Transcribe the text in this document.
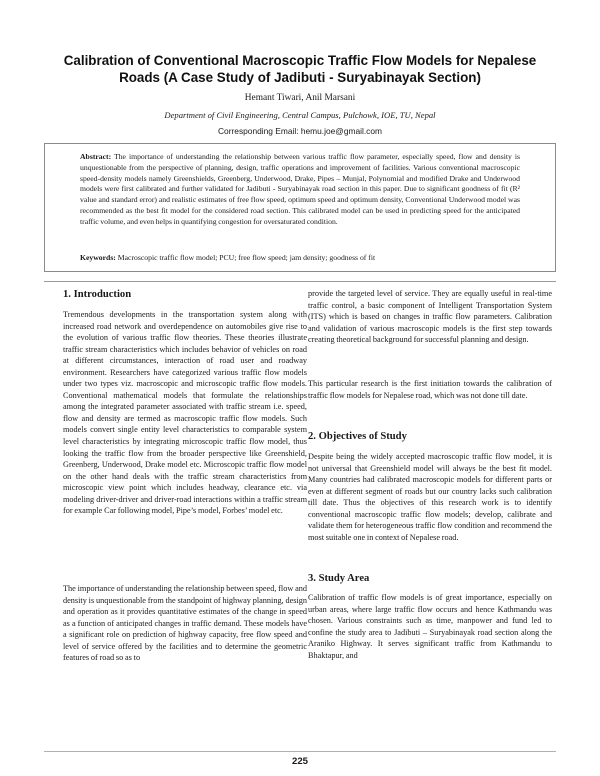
Calibration of Conventional Macroscopic Traffic Flow Models for Nepalese Roads (A Case Study of Jadibuti - Suryabinayak Section)
Hemant Tiwari, Anil Marsani
Department of Civil Engineering, Central Campus, Pulchowk, IOE, TU, Nepal
Corresponding Email: hemu.joe@gmail.com
Abstract: The importance of understanding the relationship between various traffic flow parameter, especially speed, flow and density is unquestionable from the perspective of planning, design, traffic operations and improvement of facilities. Various conventional macroscopic speed-density models namely Greenshields, Greenberg, Underwood, Drake, Pipes – Munjal, Polynomial and modified Drake and Underwood models were first calibrated and further validated for Jadibuti - Suryabinayak road section in this paper. Due to significant goodness of fit (R² value and standard error) and realistic estimates of free flow speed, optimum speed and optimum density, Conventional Underwood model was recommended as the best fit model for the considered road section. This calibrated model can be used in predicting speed for the anticipated traffic volume, and even helps in quantifying congestion for oversaturated condition.
Keywords: Macroscopic traffic flow model; PCU; free flow speed; jam density; goodness of fit
1. Introduction

Tremendous developments in the transportation system along with increased road network and overdependence on automobiles give rise to the evolution of various traffic flow theories. These theories illustrate traffic stream characteristics which includes behavior of vehicles on road at different circumstances, interaction of road user and roadway environment. Researchers have categorized various traffic flow models under two types viz. macroscopic and microscopic traffic flow models. Conventional mathematical models that formulate the relationships among the integrated parameter associated with traffic stream i.e. speed, flow and density are termed as macroscopic traffic flow models. Such models convert single entity level characteristics to comparable system level characteristics by integrating microscopic traffic flow model, thus looking the traffic flow from the broader perspective like Greenshield, Greenberg, Underwood, Drake model etc. Microscopic traffic flow model on the other hand deals with the traffic stream characteristics from microscopic view point which includes headway, clearance etc. via modeling driver-driver and driver-road interactions within a traffic stream for example Car following model, Pipe’s model, Forbes’ model etc.

The importance of understanding the relationship between speed, flow and density is unquestionable from the standpoint of highway planning, design and operation as it provides quantitative estimates of the change in speed as a function of anticipated changes in traffic demand. These models have a significant role on prediction of highway capacity, free flow speed and level of service offered by the facilities and to determine the geometric features of road so as to

provide the targeted level of service. They are equally useful in real-time traffic control, a basic component of Intelligent Transportation System (ITS) which is based on changes in traffic flow parameters. Calibration and validation of various macroscopic models is the first step towards creating theoretical background for successful planning and design.

This particular research is the first initiation towards the calibration of traffic flow models for Nepalese road, which was not done till date.

2. Objectives of Study

Despite being the widely accepted macroscopic traffic flow model, it is not universal that Greenshield model will always be the best fit model. Many countries had calibrated macroscopic models for different parts or even at different segment of roads but our country lacks such calibration till date. Thus the objectives of this research work is to identify conventional macroscopic traffic flow models; develop, calibrate and validate them for heterogeneous traffic flow condition and recommend the most suitable one in context of Nepalese road.

3. Study Area

Calibration of traffic flow models is of great importance, especially on urban areas, where large traffic flow occurs and hence Kathmandu was chosen. Various constraints such as time, manpower and fund led to confine the study area to Jadibuti – Suryabinayak road section along the Araniko Highway. It serves significant traffic from Kathmandu to Bhaktapur, and

225
